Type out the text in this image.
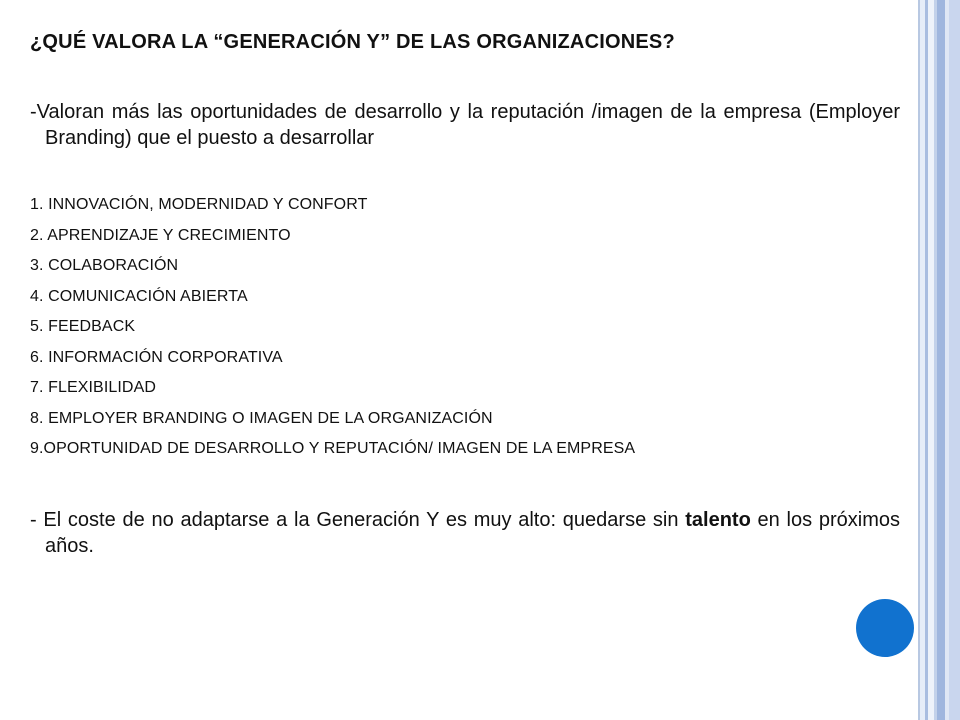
¿QUÉ VALORA LA “GENERACIÓN Y” DE LAS ORGANIZACIONES?
-Valoran más las oportunidades de desarrollo y la reputación /imagen de la empresa (Employer Branding) que el puesto a desarrollar
1. INNOVACIÓN, MODERNIDAD Y CONFORT
2. APRENDIZAJE Y CRECIMIENTO
3. COLABORACIÓN
4. COMUNICACIÓN ABIERTA
5. FEEDBACK
6. INFORMACIÓN CORPORATIVA
7. FLEXIBILIDAD
8. EMPLOYER BRANDING O IMAGEN DE LA ORGANIZACIÓN
9.OPORTUNIDAD DE DESARROLLO Y REPUTACIÓN/ IMAGEN DE LA EMPRESA
- El coste de no adaptarse a la Generación Y es muy alto: quedarse sin talento en los próximos años.
